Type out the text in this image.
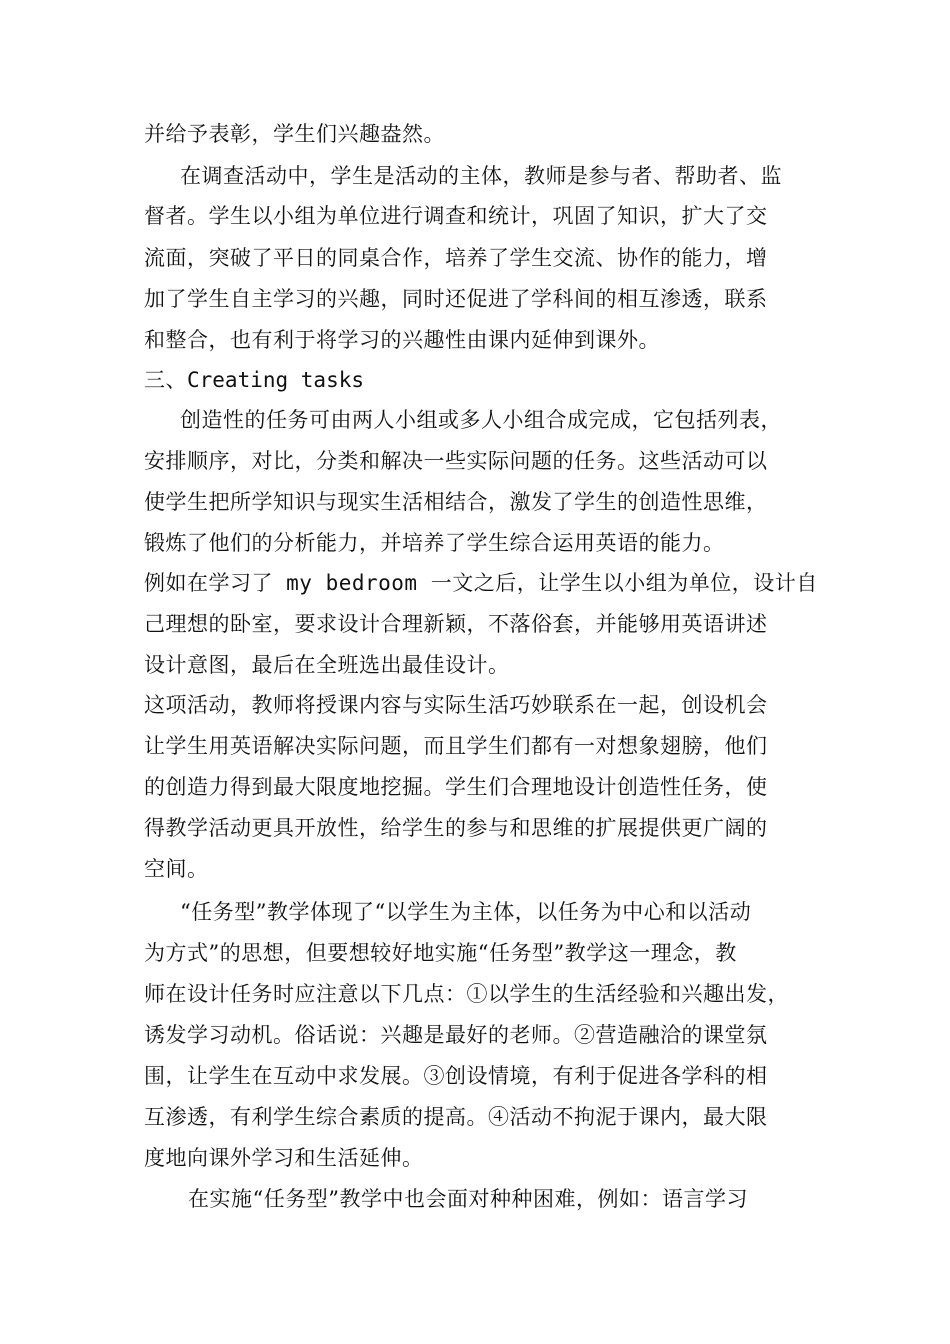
并给予表彰，学生们兴趣盎然。
在调查活动中，学生是活动的主体，教师是参与者、帮助者、监
督者。学生以小组为单位进行调查和统计，巩固了知识，扩大了交
流面，突破了平日的同桌合作，培养了学生交流、协作的能力，增
加了学生自主学习的兴趣，同时还促进了学科间的相互渗透，联系
和整合，也有利于将学习的兴趣性由课内延伸到课外。
三、Creating tasks
创造性的任务可由两人小组或多人小组合成完成，它包括列表，
安排顺序，对比，分类和解决一些实际问题的任务。这些活动可以
使学生把所学知识与现实生活相结合，激发了学生的创造性思维，
锻炼了他们的分析能力，并培养了学生综合运用英语的能力。
例如在学习了 my bedroom 一文之后，让学生以小组为单位，设计自
己理想的卧室，要求设计合理新颖，不落俗套，并能够用英语讲述
设计意图，最后在全班选出最佳设计。
这项活动，教师将授课内容与实际生活巧妙联系在一起，创设机会
让学生用英语解决实际问题，而且学生们都有一对想象翅膀，他们
的创造力得到最大限度地挖掘。学生们合理地设计创造性任务，使
得教学活动更具开放性，给学生的参与和思维的扩展提供更广阔的
空间。
“任务型”教学体现了“以学生为主体，以任务为中心和以活动
为方式”的思想，但要想较好地实施“任务型”教学这一理念，教
师在设计任务时应注意以下几点：①以学生的生活经验和兴趣出发，
诱发学习动机。俗话说：兴趣是最好的老师。②营造融洽的课堂氛
围，让学生在互动中求发展。③创设情境，有利于促进各学科的相
互渗透，有利学生综合素质的提高。④活动不拘泥于课内，最大限
度地向课外学习和生活延伸。
在实施“任务型”教学中也会面对种种困难，例如：语言学习
